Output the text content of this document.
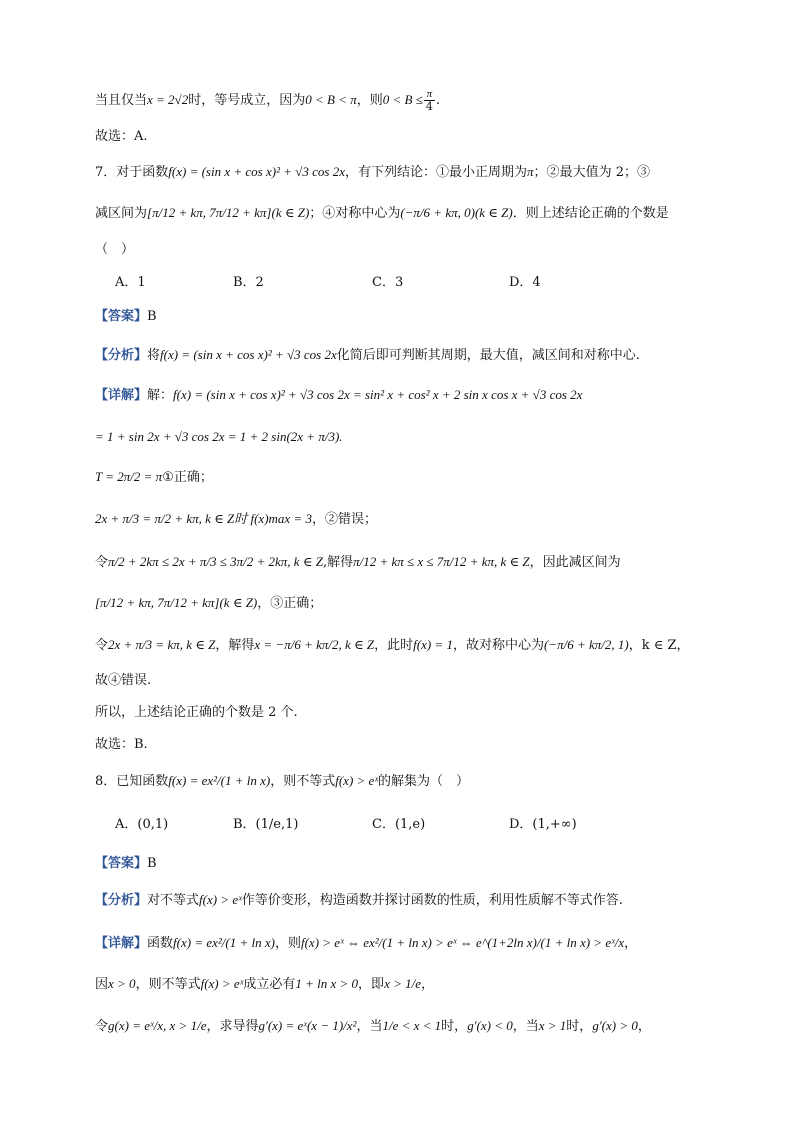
当且仅当x = 2√2时，等号成立，因为0 < B < π，则$0 < B \le \frac{\pi}{4}$ .
故选：A.
7．对于函数f(x) = (sin x + cos x)² + √3 cos 2x，有下列结论：①最小正周期为π；②最大值为 2；③
减区间为[π/12 + kπ, 7π/12 + kπ](k ∈ Z)；④对称中心为(−π/6 + kπ, 0)(k ∈ Z)．则上述结论正确的个数是
（　）
A．1	B．2	C．3	D．4
【答案】B
【分析】将f(x) = (sin x + cos x)² + √3 cos 2x化简后即可判断其周期，最大值，减区间和对称中心.
【详解】解：f(x) = (sin x + cos x)² + √3 cos 2x = sin² x + cos² x + 2 sin x cos x + √3 cos 2x
= 1 + sin 2x + √3 cos 2x = 1 + 2 sin(2x + π/3).
T = 2π/2 = π①正确；
2x + π/3 = π/2 + kπ, k ∈ Z时 f(x)max = 3，②错误；
令π/2 + 2kπ ≤ 2x + π/3 ≤ 3π/2 + 2kπ, k ∈ Z,解得π/12 + kπ ≤ x ≤ 7π/12 + kπ, k ∈ Z，因此减区间为
[π/12 + kπ, 7π/12 + kπ](k ∈ Z)，③正确；
令2x + π/3 = kπ, k ∈ Z，解得x = −π/6 + kπ/2, k ∈ Z，此时f(x) = 1，故对称中心为(−π/6 + kπ/2, 1)，k ∈ Z，
故④错误.
所以，上述结论正确的个数是 2 个.
故选：B.
8．已知函数f(x) = ex²/(1 + ln x)，则不等式f(x) > eˣ的解集为（　）
A．(0,1)	B．(1/e,1)	C．(1,e)	D．(1,+∞)
【答案】B
【分析】对不等式f(x) > eˣ作等价变形，构造函数并探讨函数的性质，利用性质解不等式作答.
【详解】函数f(x) = ex²/(1 + ln x)，则f(x) > eˣ ⇔ ex²/(1 + ln x) > eˣ ⇔ e^(1+2ln x)/(1 + ln x) > eˣ/x，
因x > 0，则不等式f(x) > eˣ成立必有1 + ln x > 0，即x > 1/e，
令g(x) = eˣ/x, x > 1/e，求导得g′(x) = eˣ(x − 1)/x²，当1/e < x < 1时，g′(x) < 0，当x > 1时，g′(x) > 0，
